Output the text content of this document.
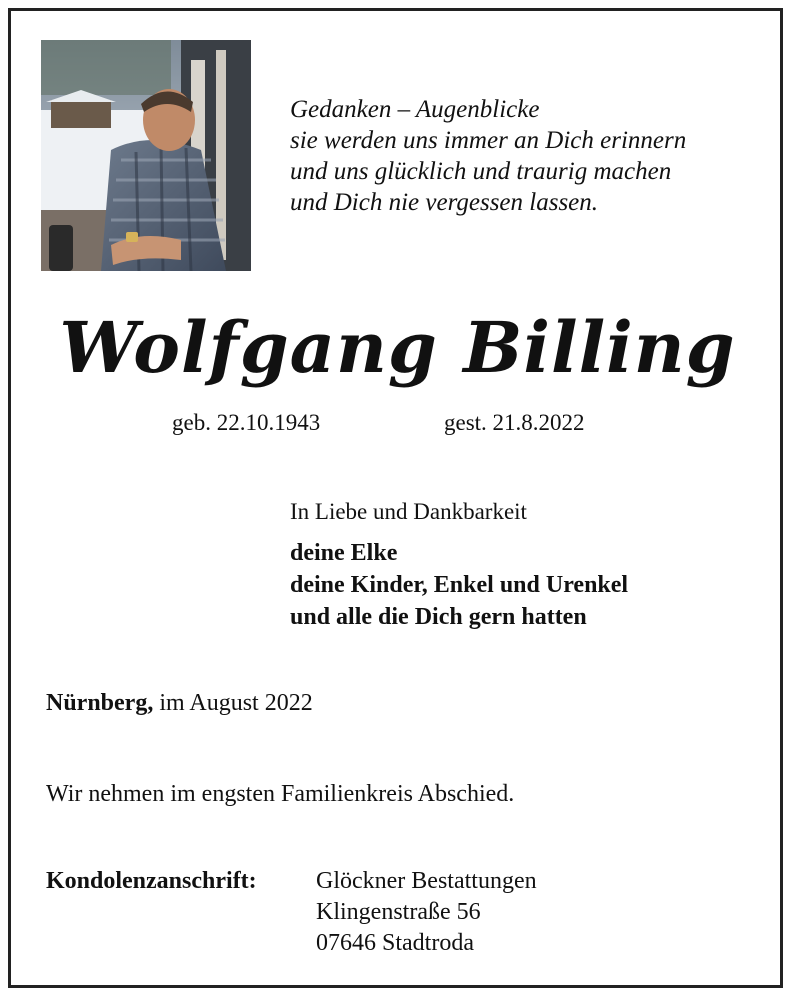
Gedanken – Augenblicke
sie werden uns immer an Dich erinnern
und uns glücklich und traurig machen
und Dich nie vergessen lassen.
Wolfgang Billing
geb. 22.10.1943	gest. 21.8.2022
In Liebe und Dankbarkeit
deine Elke
deine Kinder, Enkel und Urenkel
und alle die Dich gern hatten
Nürnberg, im August 2022
Wir nehmen im engsten Familienkreis Abschied.
Kondolenzanschrift: Glöckner Bestattungen
Klingenstraße 56
07646 Stadtroda
